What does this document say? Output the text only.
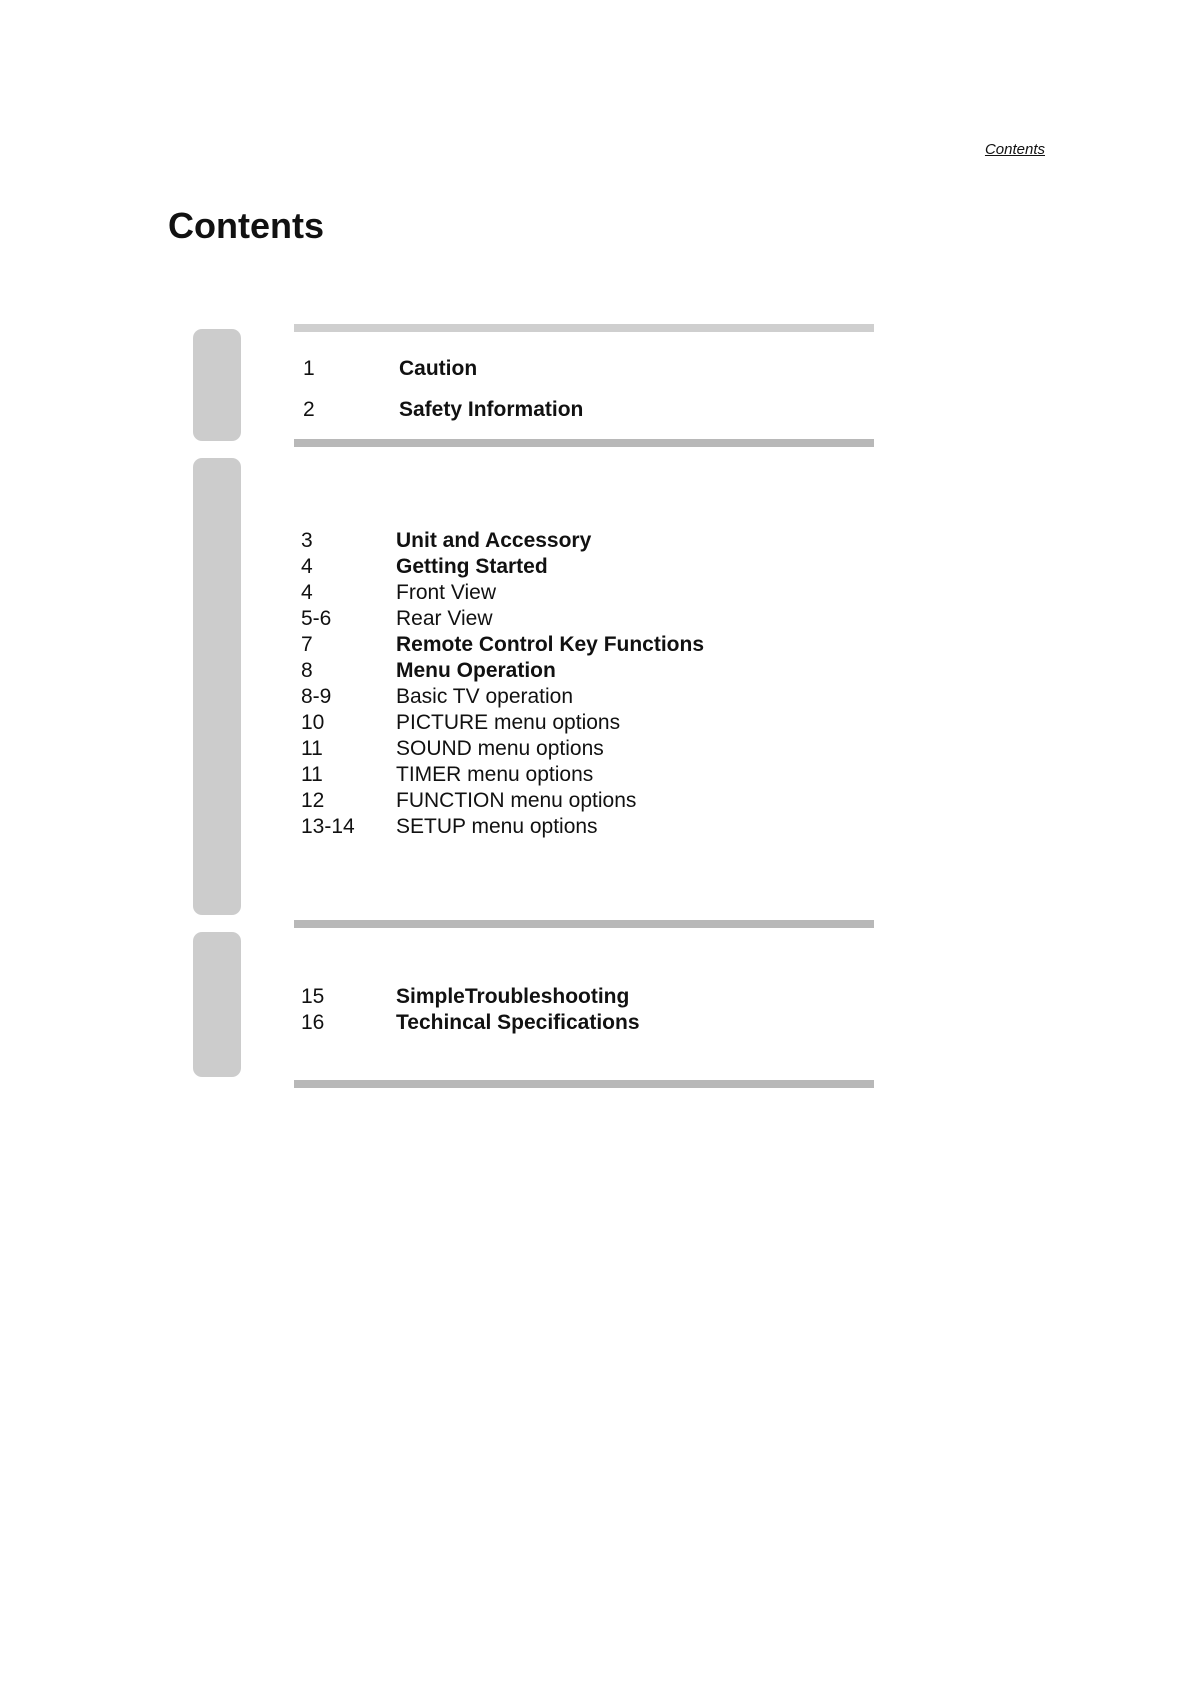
Contents
Contents
1	Caution
2	Safety Information
3	Unit and Accessory
4	Getting Started
4	Front View
5-6	Rear View
7	Remote Control Key Functions
8	Menu Operation
8-9	Basic TV operation
10	PICTURE menu options
11	SOUND menu options
11	TIMER menu options
12	FUNCTION menu options
13-14 SETUP menu options
15	SimpleTroubleshooting
16	Techincal Specifications
